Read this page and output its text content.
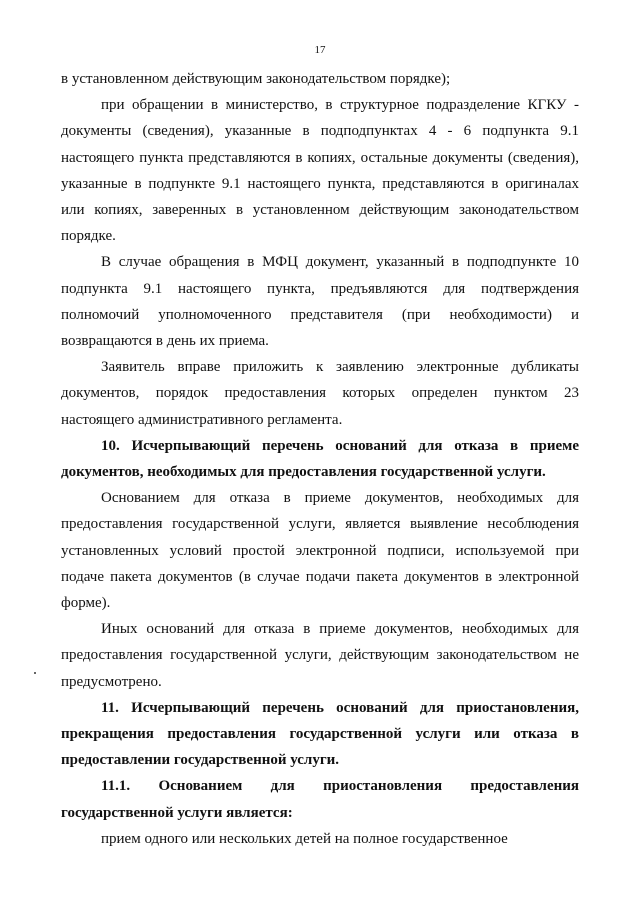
17

в установленном действующим законодательством порядке);

при обращении в министерство, в структурное подразделение КГКУ - документы (сведения), указанные в подподпунктах 4 - 6 подпункта 9.1 настоящего пункта представляются в копиях, остальные документы (сведения), указанные в подпункте 9.1 настоящего пункта, представляются в оригиналах или копиях, заверенных в установленном действующим законодательством порядке.

В случае обращения в МФЦ документ, указанный в подподпункте 10 подпункта 9.1 настоящего пункта, предъявляются для подтверждения полномочий уполномоченного представителя (при необходимости) и возвращаются в день их приема.

Заявитель вправе приложить к заявлению электронные дубликаты документов, порядок предоставления которых определен пунктом 23 настоящего административного регламента.

10. Исчерпывающий перечень оснований для отказа в приеме документов, необходимых для предоставления государственной услуги.

Основанием для отказа в приеме документов, необходимых для предоставления государственной услуги, является выявление несоблюдения установленных условий простой электронной подписи, используемой при подаче пакета документов (в случае подачи пакета документов в электронной форме).

Иных оснований для отказа в приеме документов, необходимых для предоставления государственной услуги, действующим законодательством не предусмотрено.

11. Исчерпывающий перечень оснований для приостановления, прекращения предоставления государственной услуги или отказа в предоставлении государственной услуги.

11.1. Основанием для приостановления предоставления государственной услуги является:

прием одного или нескольких детей на полное государственное
